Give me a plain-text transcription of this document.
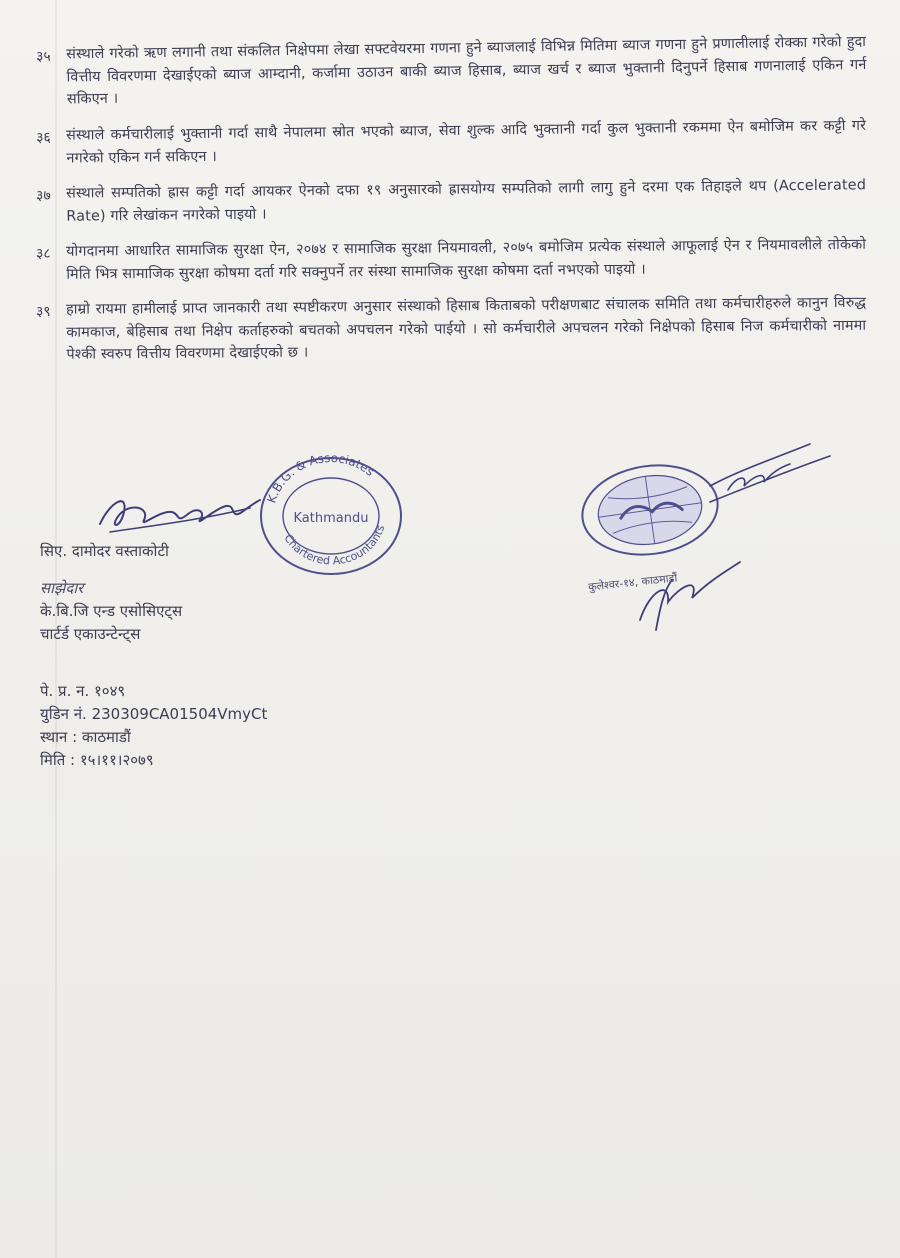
३५	संस्थाले गरेको ऋण लगानी तथा संकलित निक्षेपमा लेखा सफ्टवेयरमा गणना हुने ब्याजलाई विभिन्न मितिमा ब्याज गणना हुने प्रणालीलाई रोक्का गरेको हुदा वित्तीय विवरणमा देखाईएको ब्याज आम्दानी, कर्जामा उठाउन बाकी ब्याज हिसाब, ब्याज खर्च र ब्याज भुक्तानी दिनुपर्ने हिसाब गणनालाई एकिन गर्न सकिएन ।
३६	संस्थाले कर्मचारीलाई भुक्तानी गर्दा साथै नेपालमा स्रोत भएको ब्याज, सेवा शुल्क आदि भुक्तानी गर्दा कुल भुक्तानी रकममा ऐन बमोजिम कर कट्टी गरे नगरेको एकिन गर्न सकिएन ।
३७	संस्थाले सम्पतिको ह्रास कट्टी गर्दा आयकर ऐनको दफा १९ अनुसारको ह्रासयोग्य सम्पतिको लागी लागु हुने दरमा एक तिहाइले थप (Accelerated Rate) गरि लेखांकन नगरेको पाइयो ।
३८	योगदानमा आधारित सामाजिक सुरक्षा ऐन, २०७४ र सामाजिक सुरक्षा नियमावली, २०७५ बमोजिम प्रत्येक संस्थाले आफूलाई ऐन र नियमावलीले तोकेको मिति भित्र सामाजिक सुरक्षा कोषमा दर्ता गरि सक्नुपर्ने तर संस्था सामाजिक सुरक्षा कोषमा दर्ता नभएको पाइयो ।
३९	हाम्रो रायमा हामीलाई प्राप्त जानकारी तथा स्पष्टीकरण अनुसार संस्थाको हिसाब किताबको परीक्षणबाट संचालक समिति तथा कर्मचारीहरुले कानुन विरुद्ध कामकाज, बेहिसाब तथा निक्षेप कर्ताहरुको बचतको अपचलन गरेको पाईयो । सो कर्मचारीले अपचलन गरेको निक्षेपको हिसाब निज कर्मचारीको नाममा पेश्की स्वरुप वित्तीय विवरणमा देखाईएको छ ।
K.B.G. & Associates
Chartered Accountants
Kathmandu
सिए. दामोदर वस्ताकोटी
साझेदार
के.बि.जि एन्ड एसोसिएट्स
चार्टर्ड एकाउन्टेन्ट्स
पे. प्र. न. १०४९
युडिन नं. 230309CA01504VmyCt
स्थान : काठमाडौं
मिति : १५।११।२०७९
कुलेश्वर-१४, काठमाडौं
